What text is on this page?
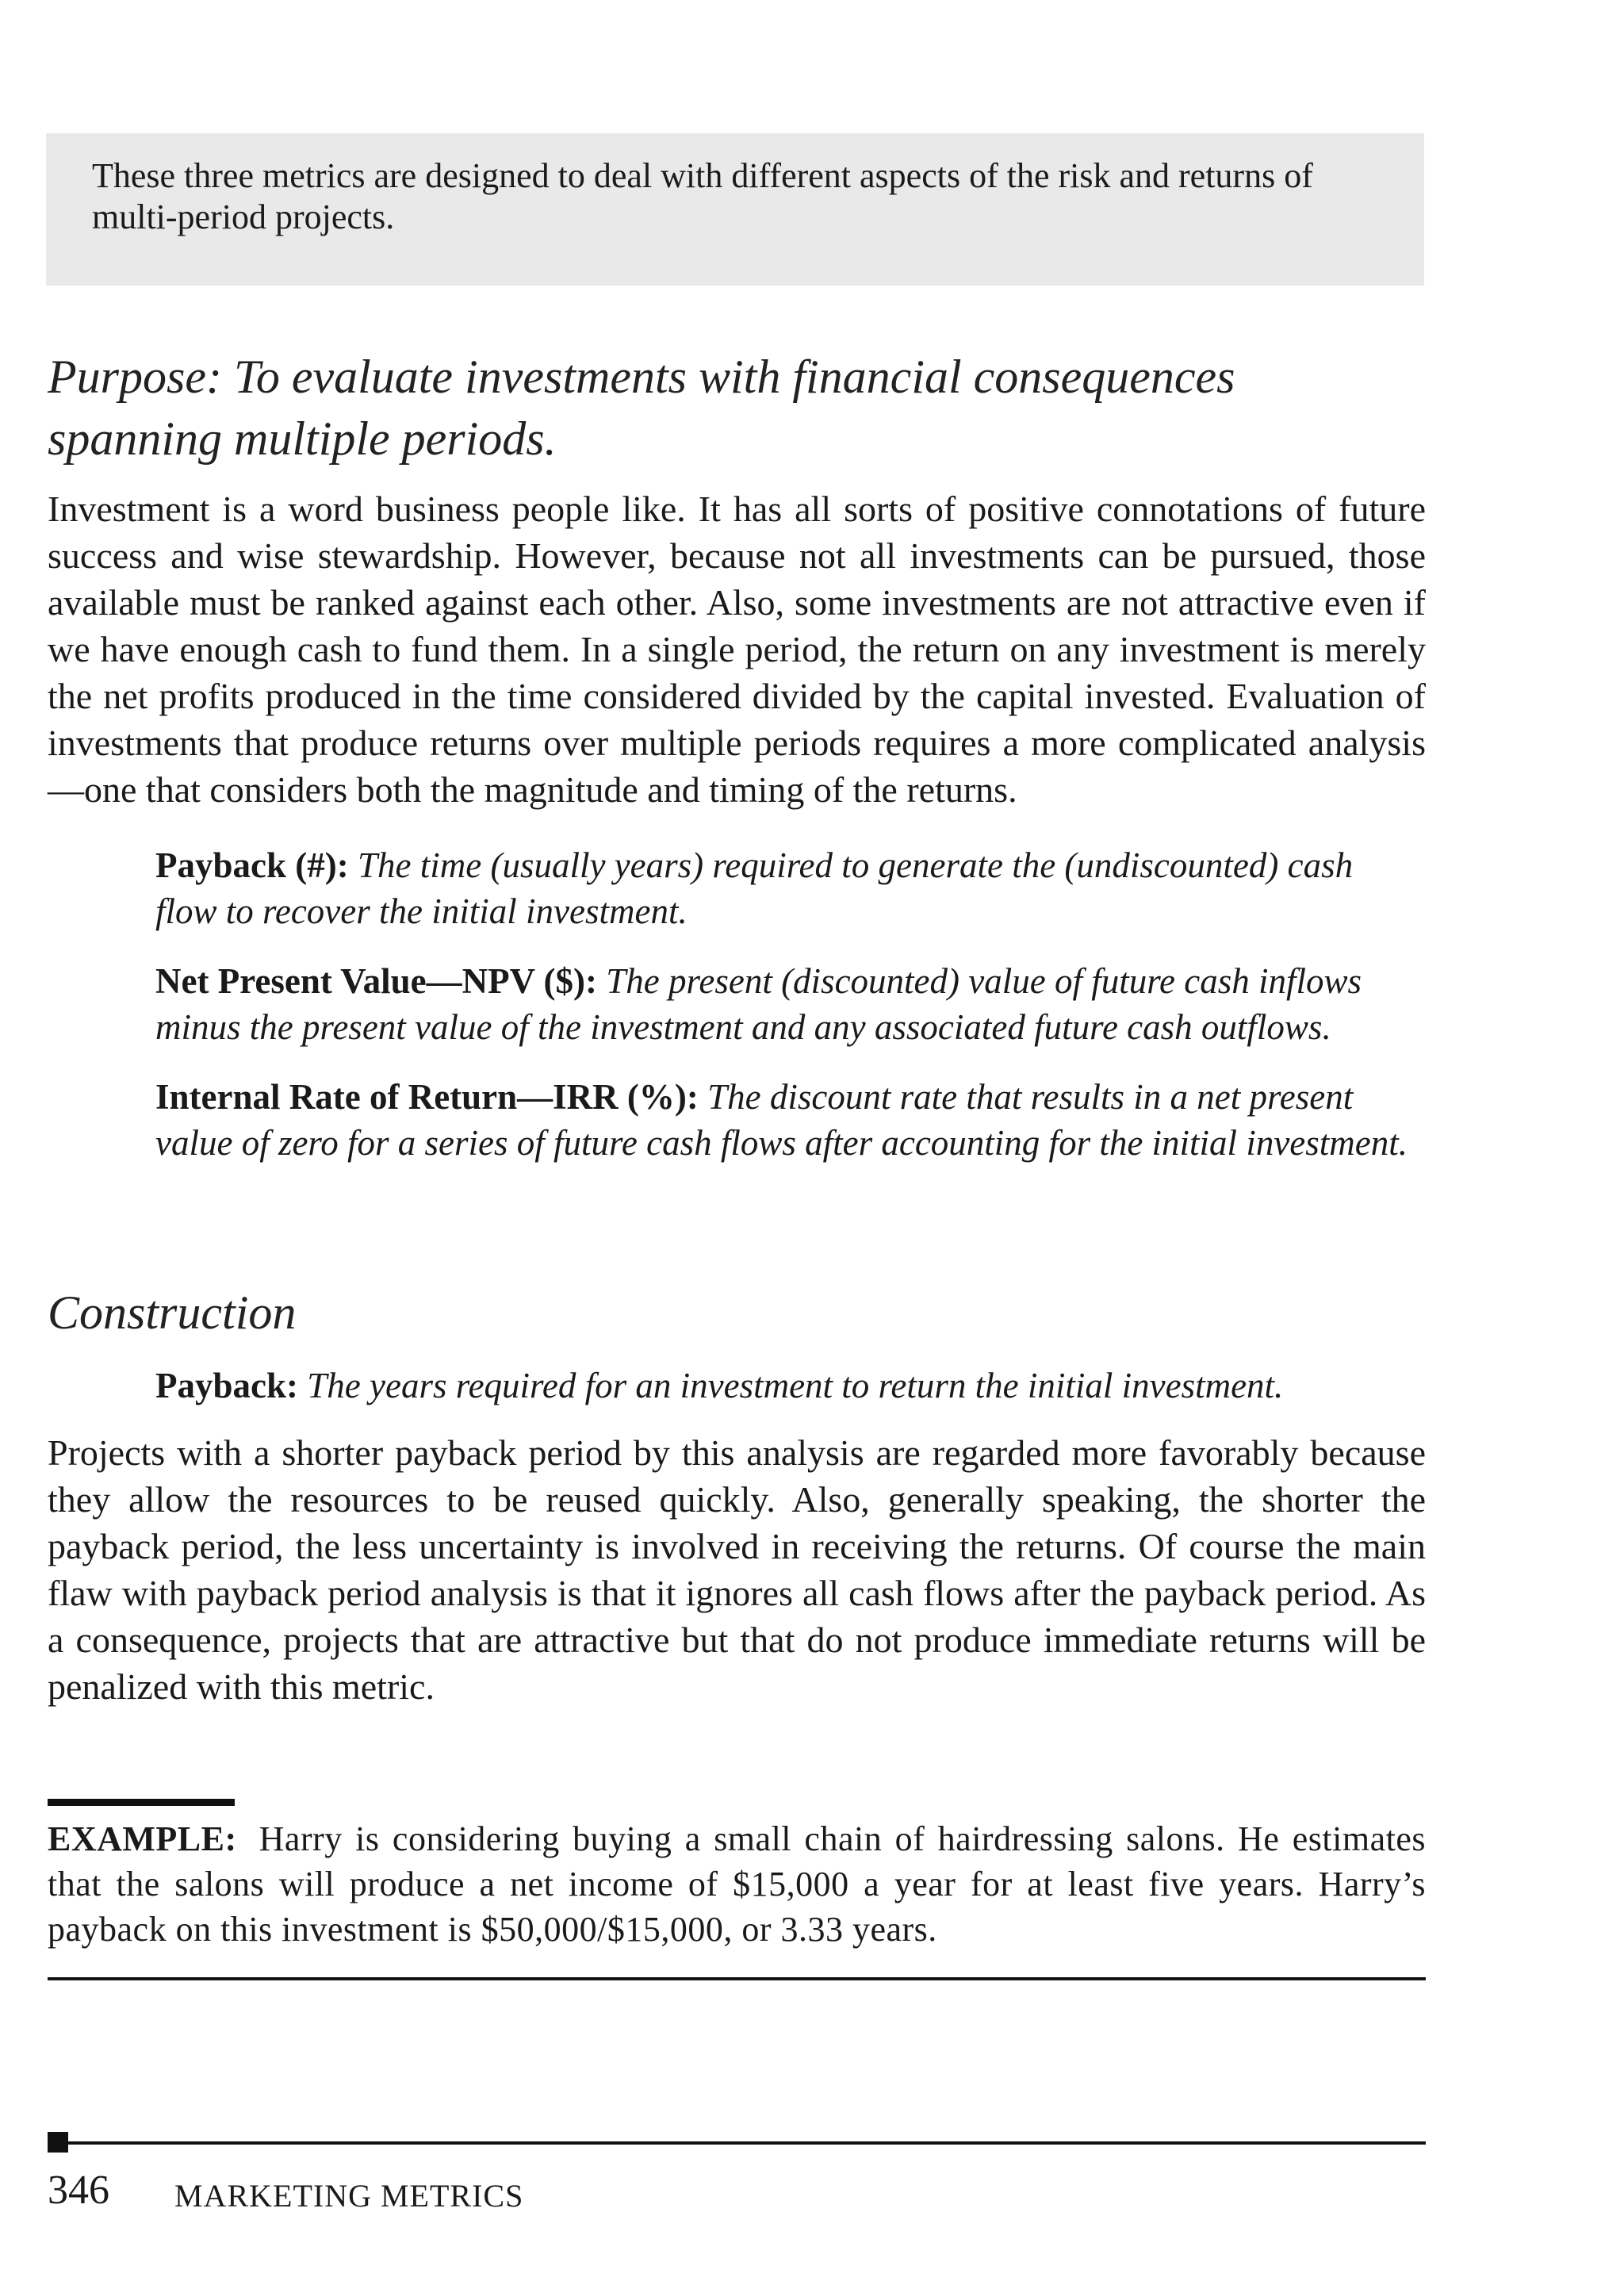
These three metrics are designed to deal with different aspects of the risk and returns of multi-period projects.
Purpose: To evaluate investments with financial consequences spanning multiple periods.
Investment is a word business people like. It has all sorts of positive connotations of future success and wise stewardship. However, because not all investments can be pursued, those available must be ranked against each other. Also, some investments are not attractive even if we have enough cash to fund them. In a single period, the return on any investment is merely the net profits produced in the time considered divided by the capital invested. Evaluation of investments that produce returns over multiple periods requires a more complicated analysis—one that considers both the magnitude and timing of the returns.
Payback (#): The time (usually years) required to generate the (undiscounted) cash flow to recover the initial investment.
Net Present Value—NPV ($): The present (discounted) value of future cash inflows minus the present value of the investment and any associated future cash outflows.
Internal Rate of Return—IRR (%): The discount rate that results in a net present value of zero for a series of future cash flows after accounting for the initial investment.
Construction
Payback: The years required for an investment to return the initial investment.
Projects with a shorter payback period by this analysis are regarded more favorably because they allow the resources to be reused quickly. Also, generally speaking, the shorter the payback period, the less uncertainty is involved in receiving the returns. Of course the main flaw with payback period analysis is that it ignores all cash flows after the payback period. As a consequence, projects that are attractive but that do not produce immediate returns will be penalized with this metric.
EXAMPLE: Harry is considering buying a small chain of hairdressing salons. He estimates that the salons will produce a net income of $15,000 a year for at least five years. Harry’s payback on this investment is $50,000/$15,000, or 3.33 years.
346 MARKETING METRICS
